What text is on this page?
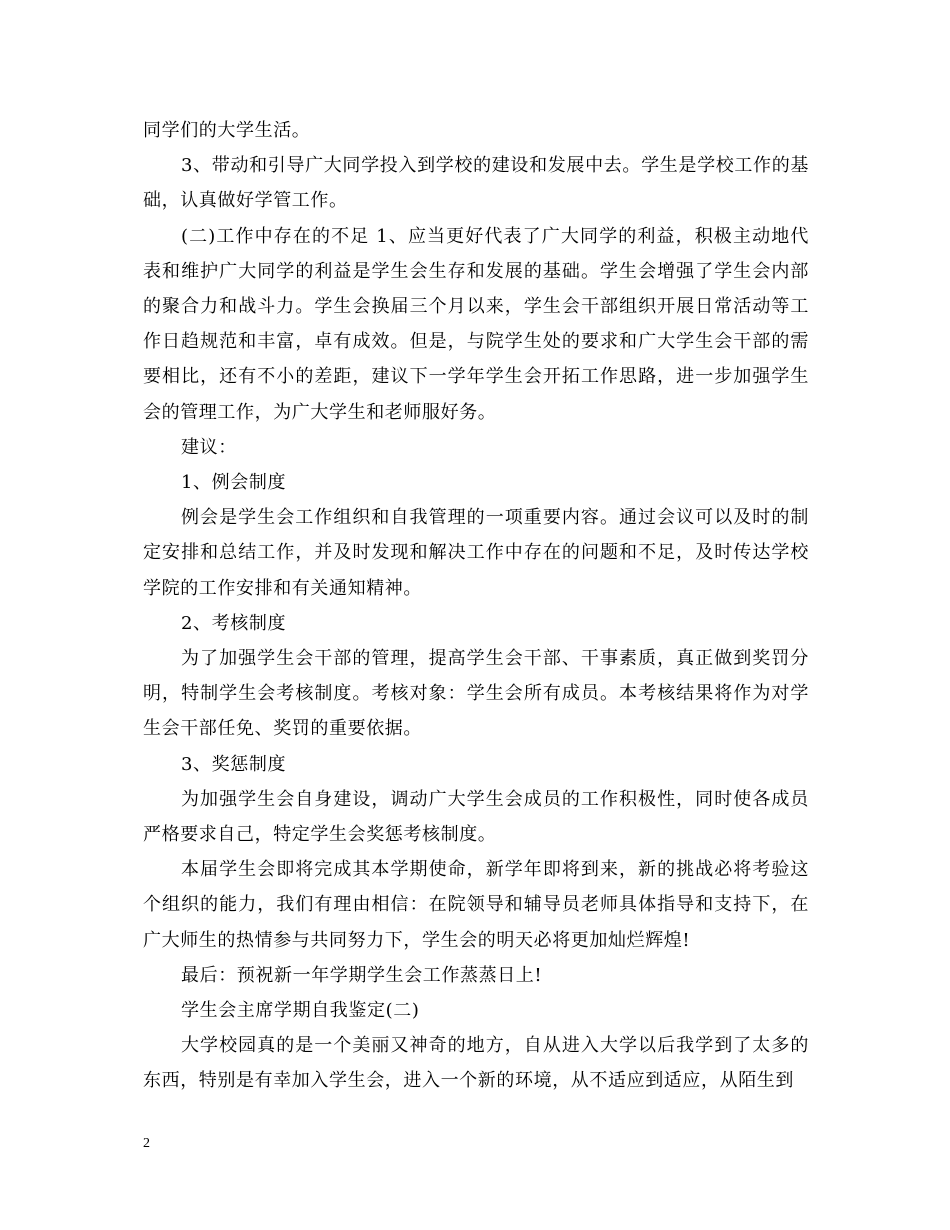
同学们的大学生活。

3、带动和引导广大同学投入到学校的建设和发展中去。学生是学校工作的基础，认真做好学管工作。

(二)工作中存在的不足 1、应当更好代表了广大同学的利益，积极主动地代表和维护广大同学的利益是学生会生存和发展的基础。学生会增强了学生会内部的聚合力和战斗力。学生会换届三个月以来，学生会干部组织开展日常活动等工作日趋规范和丰富，卓有成效。但是，与院学生处的要求和广大学生会干部的需要相比，还有不小的差距，建议下一学年学生会开拓工作思路，进一步加强学生会的管理工作，为广大学生和老师服好务。

建议：

1、例会制度

例会是学生会工作组织和自我管理的一项重要内容。通过会议可以及时的制定安排和总结工作，并及时发现和解决工作中存在的问题和不足，及时传达学校学院的工作安排和有关通知精神。

2、考核制度

为了加强学生会干部的管理，提高学生会干部、干事素质，真正做到奖罚分明，特制学生会考核制度。考核对象：学生会所有成员。本考核结果将作为对学生会干部任免、奖罚的重要依据。

3、奖惩制度

为加强学生会自身建设，调动广大学生会成员的工作积极性，同时使各成员严格要求自己，特定学生会奖惩考核制度。

本届学生会即将完成其本学期使命，新学年即将到来，新的挑战必将考验这个组织的能力，我们有理由相信：在院领导和辅导员老师具体指导和支持下，在广大师生的热情参与共同努力下，学生会的明天必将更加灿烂辉煌!

最后：预祝新一年学期学生会工作蒸蒸日上!

学生会主席学期自我鉴定(二)

大学校园真的是一个美丽又神奇的地方，自从进入大学以后我学到了太多的东西，特别是有幸加入学生会，进入一个新的环境，从不适应到适应，从陌生到

2
